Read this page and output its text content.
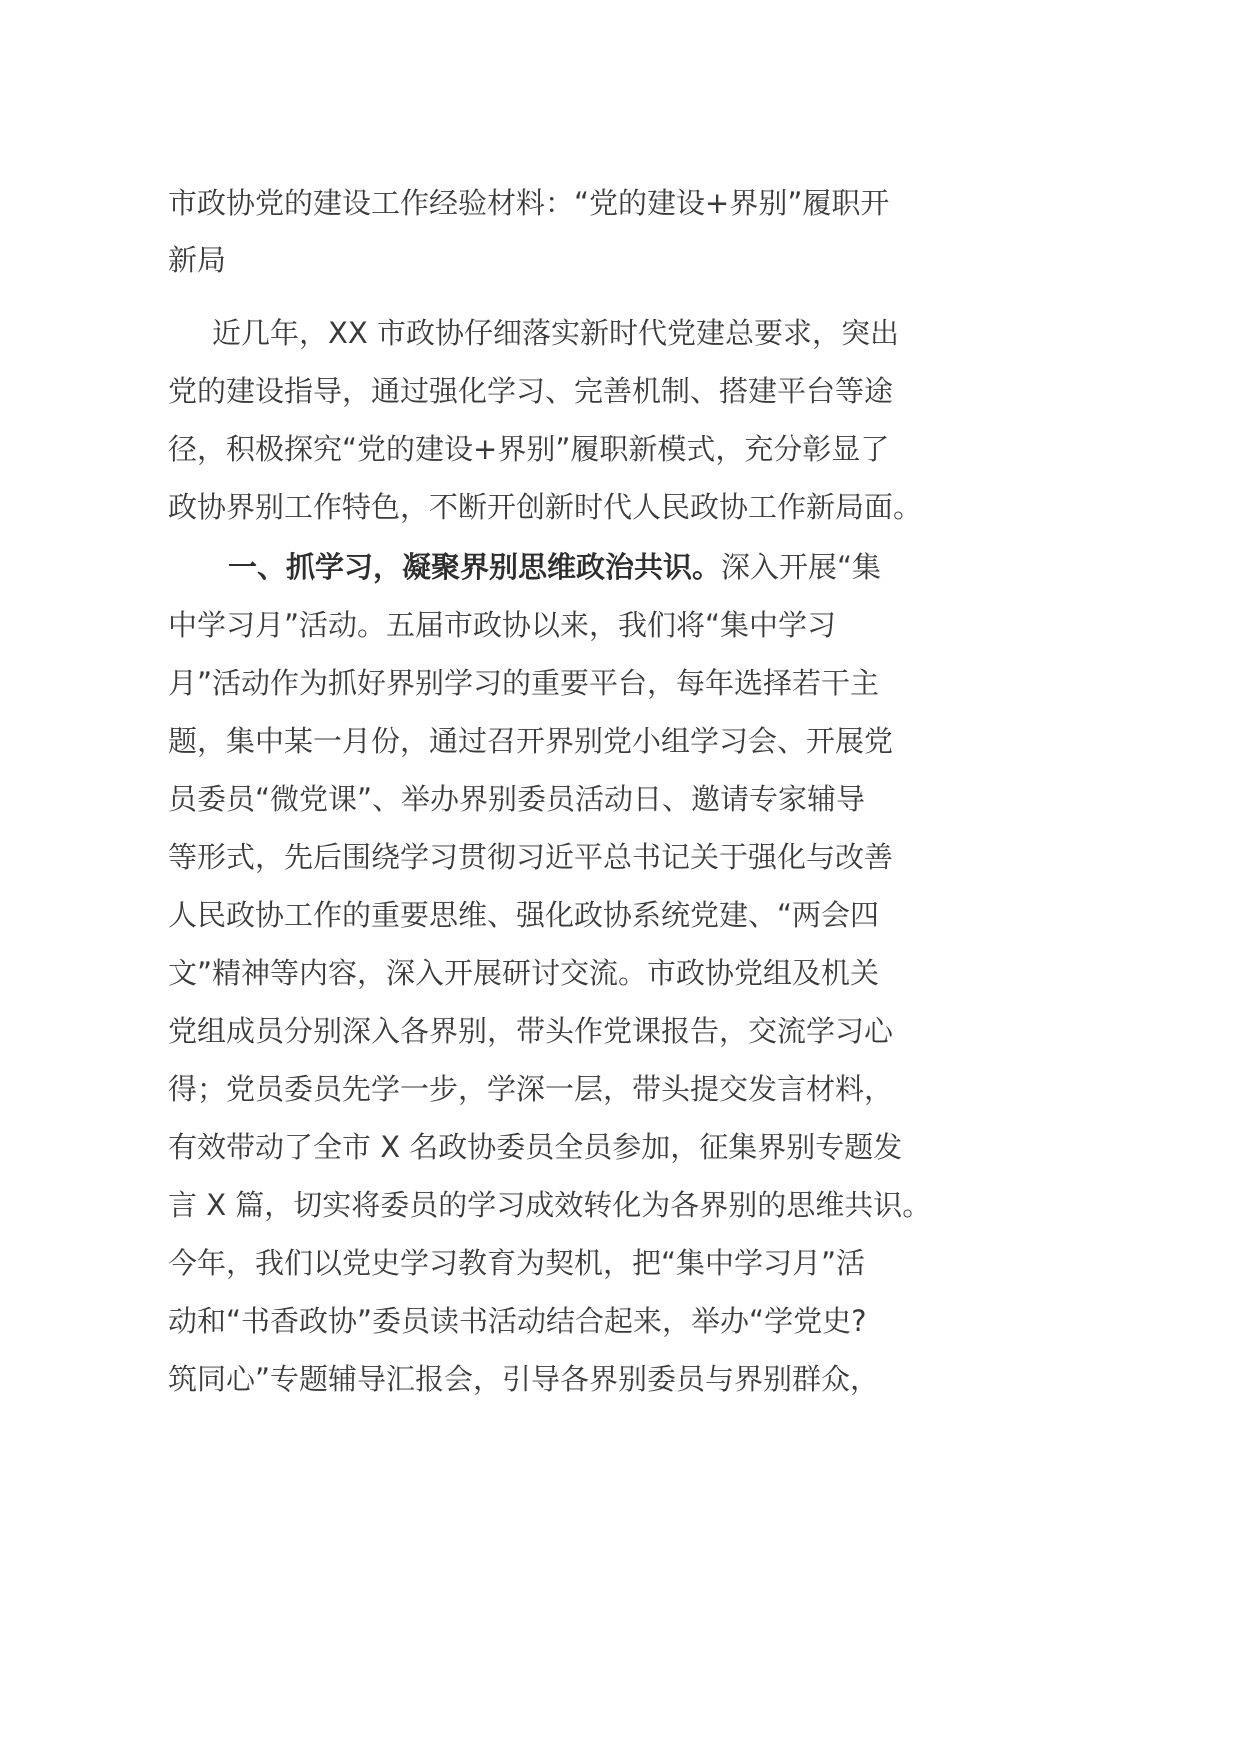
市政协党的建设工作经验材料：“党的建设+界别”履职开
新局
近几年，XX 市政协仔细落实新时代党建总要求，突出
党的建设指导，通过强化学习、完善机制、搭建平台等途
径，积极探究“党的建设+界别”履职新模式，充分彰显了
政协界别工作特色，不断开创新时代人民政协工作新局面。
一、抓学习，凝聚界别思维政治共识。深入开展“集
中学习月”活动。五届市政协以来，我们将“集中学习
月”活动作为抓好界别学习的重要平台，每年选择若干主
题，集中某一月份，通过召开界别党小组学习会、开展党
员委员“微党课”、举办界别委员活动日、邀请专家辅导
等形式，先后围绕学习贯彻习近平总书记关于强化与改善
人民政协工作的重要思维、强化政协系统党建、“两会四
文”精神等内容，深入开展研讨交流。市政协党组及机关
党组成员分别深入各界别，带头作党课报告，交流学习心
得；党员委员先学一步，学深一层，带头提交发言材料，
有效带动了全市 X 名政协委员全员参加，征集界别专题发
言 X 篇，切实将委员的学习成效转化为各界别的思维共识。
今年，我们以党史学习教育为契机，把“集中学习月”活
动和“书香政协”委员读书活动结合起来，举办“学党史?
筑同心”专题辅导汇报会，引导各界别委员与界别群众，
